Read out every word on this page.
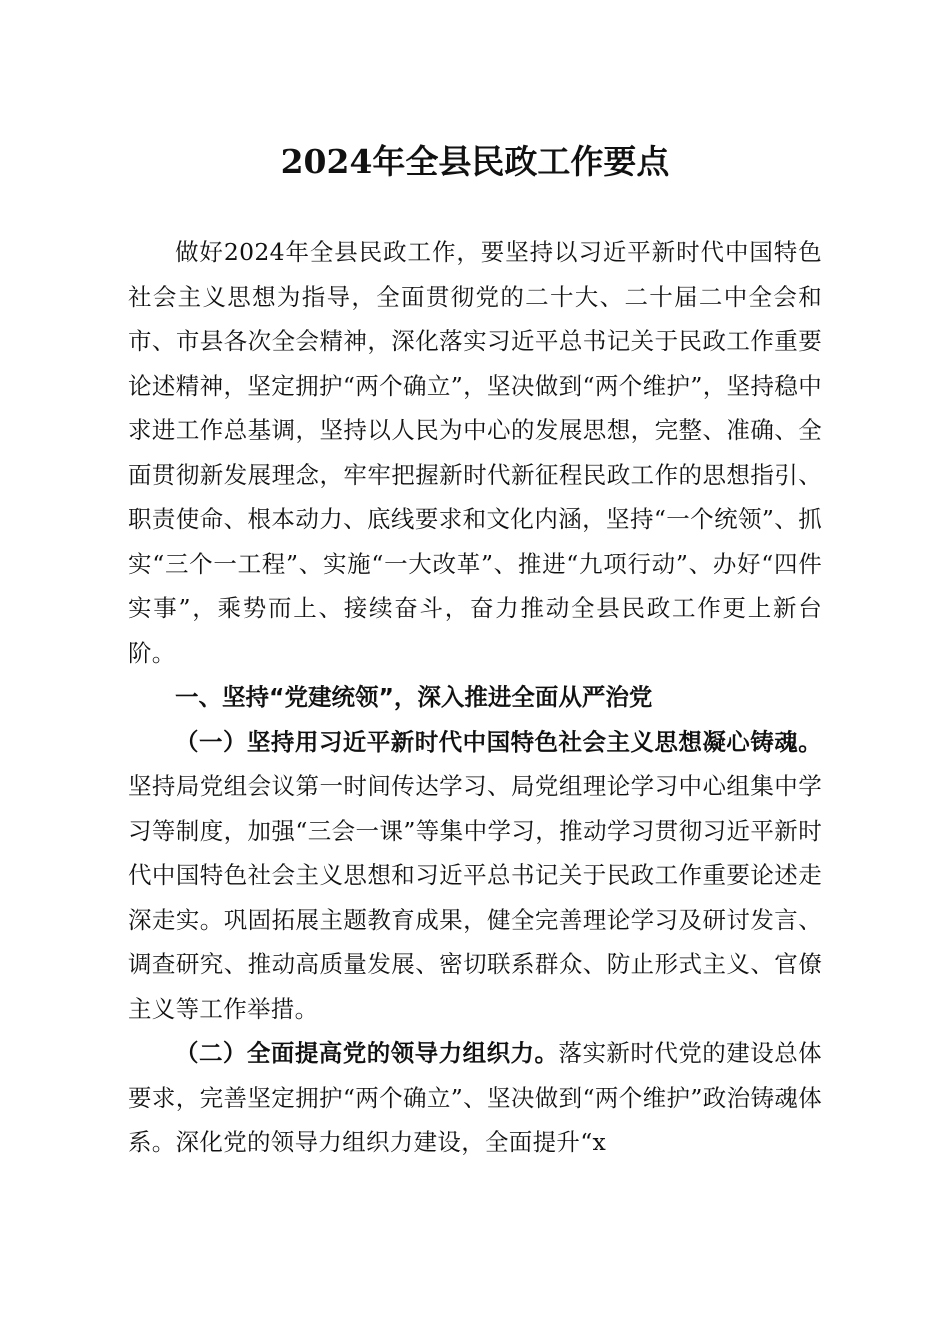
2024年全县民政工作要点

做好2024年全县民政工作，要坚持以习近平新时代中国特色社会主义思想为指导，全面贯彻党的二十大、二十届二中全会和市、市县各次全会精神，深化落实习近平总书记关于民政工作重要论述精神，坚定拥护“两个确立”，坚决做到“两个维护”，坚持稳中求进工作总基调，坚持以人民为中心的发展思想，完整、准确、全面贯彻新发展理念，牢牢把握新时代新征程民政工作的思想指引、职责使命、根本动力、底线要求和文化内涵，坚持“一个统领”、抓实“三个一工程”、实施“一大改革”、推进“九项行动”、办好“四件实事”，乘势而上、接续奋斗，奋力推动全县民政工作更上新台阶。

一、坚持“党建统领”，深入推进全面从严治党

（一）坚持用习近平新时代中国特色社会主义思想凝心铸魂。坚持局党组会议第一时间传达学习、局党组理论学习中心组集中学习等制度，加强“三会一课”等集中学习，推动学习贯彻习近平新时代中国特色社会主义思想和习近平总书记关于民政工作重要论述走深走实。巩固拓展主题教育成果，健全完善理论学习及研讨发言、调查研究、推动高质量发展、密切联系群众、防止形式主义、官僚主义等工作举措。

（二）全面提高党的领导力组织力。落实新时代党的建设总体要求，完善坚定拥护“两个确立”、坚决做到“两个维护”政治铸魂体系。深化党的领导力组织力建设，全面提升“x
